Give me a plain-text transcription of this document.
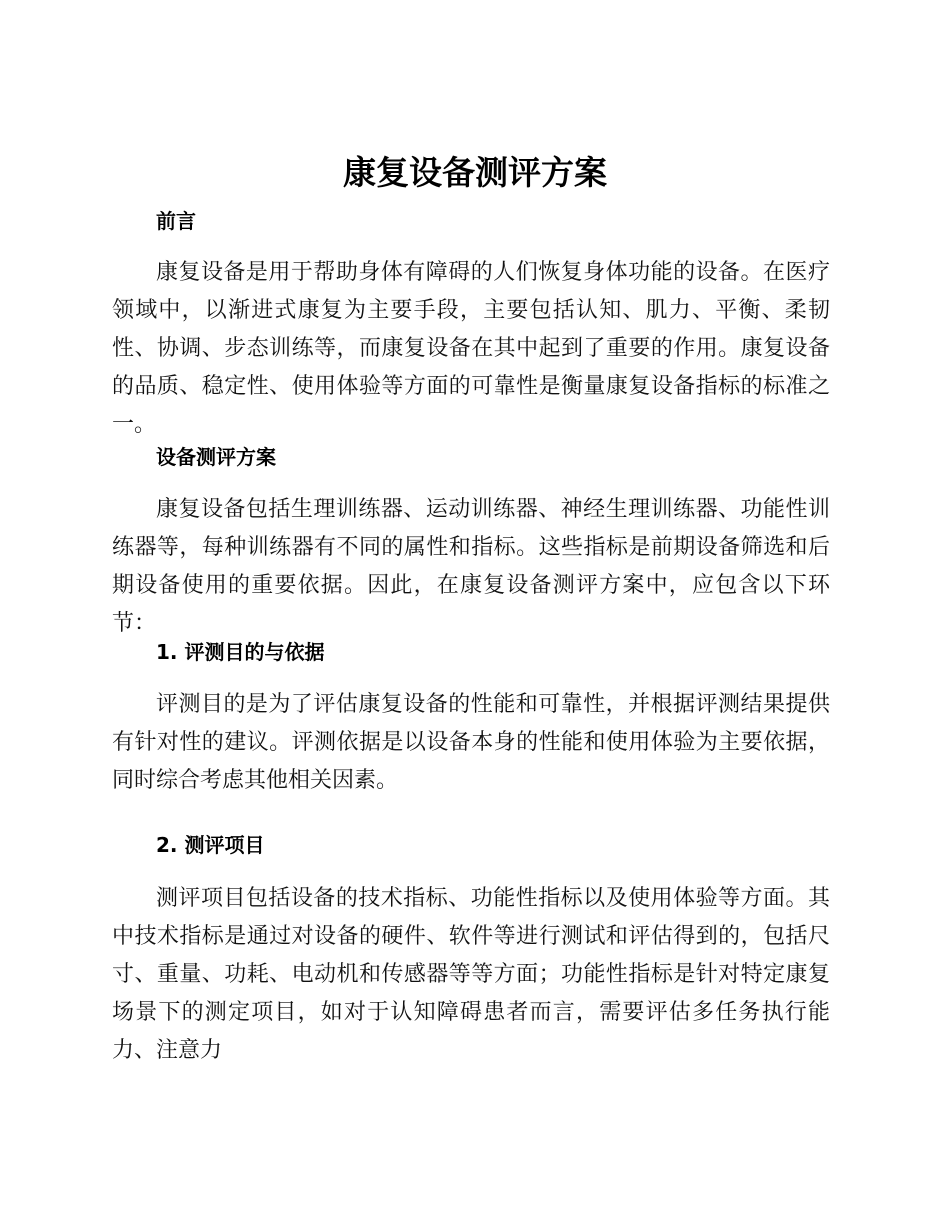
康复设备测评方案
前言

康复设备是用于帮助身体有障碍的人们恢复身体功能的设备。在医疗领域中，以渐进式康复为主要手段，主要包括认知、肌力、平衡、柔韧性、协调、步态训练等，而康复设备在其中起到了重要的作用。康复设备的品质、稳定性、使用体验等方面的可靠性是衡量康复设备指标的标准之一。

设备测评方案

康复设备包括生理训练器、运动训练器、神经生理训练器、功能性训练器等，每种训练器有不同的属性和指标。这些指标是前期设备筛选和后期设备使用的重要依据。因此，在康复设备测评方案中，应包含以下环节：

1. 评测目的与依据

评测目的是为了评估康复设备的性能和可靠性，并根据评测结果提供有针对性的建议。评测依据是以设备本身的性能和使用体验为主要依据，同时综合考虑其他相关因素。

2. 测评项目

测评项目包括设备的技术指标、功能性指标以及使用体验等方面。其中技术指标是通过对设备的硬件、软件等进行测试和评估得到的，包括尺寸、重量、功耗、电动机和传感器等等方面；功能性指标是针对特定康复场景下的测定项目，如对于认知障碍患者而言，需要评估多任务执行能力、注意力
